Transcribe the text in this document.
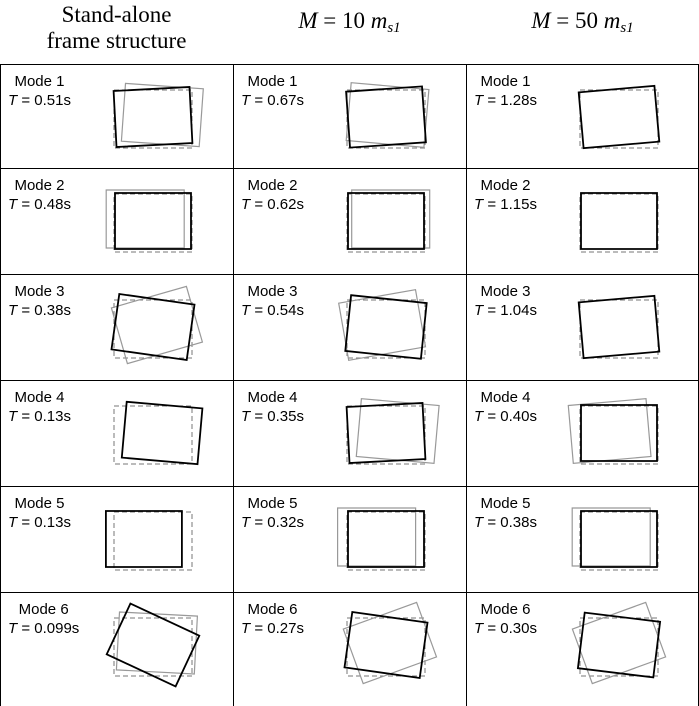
Stand-alone
frame structure
M = 10 $m_{s1}$	M = 50 $m_{s1}$
Mode 1
T = 0.51s
Mode 2
T = 0.48s
Mode 3
T = 0.38s
Mode 4
T = 0.13s
Mode 5
T = 0.13s
Mode 6
T = 0.099s
Mode 1
T = 0.67s
Mode 2
T = 0.62s
Mode 3
T = 0.54s
Mode 4
T = 0.35s
Mode 5
T = 0.32s
Mode 6
T = 0.27s
Mode 1
T = 1.28s
Mode 2
T = 1.15s
Mode 3
T = 1.04s
Mode 4
T = 0.40s
Mode 5
T = 0.38s
Mode 6
T = 0.30s
